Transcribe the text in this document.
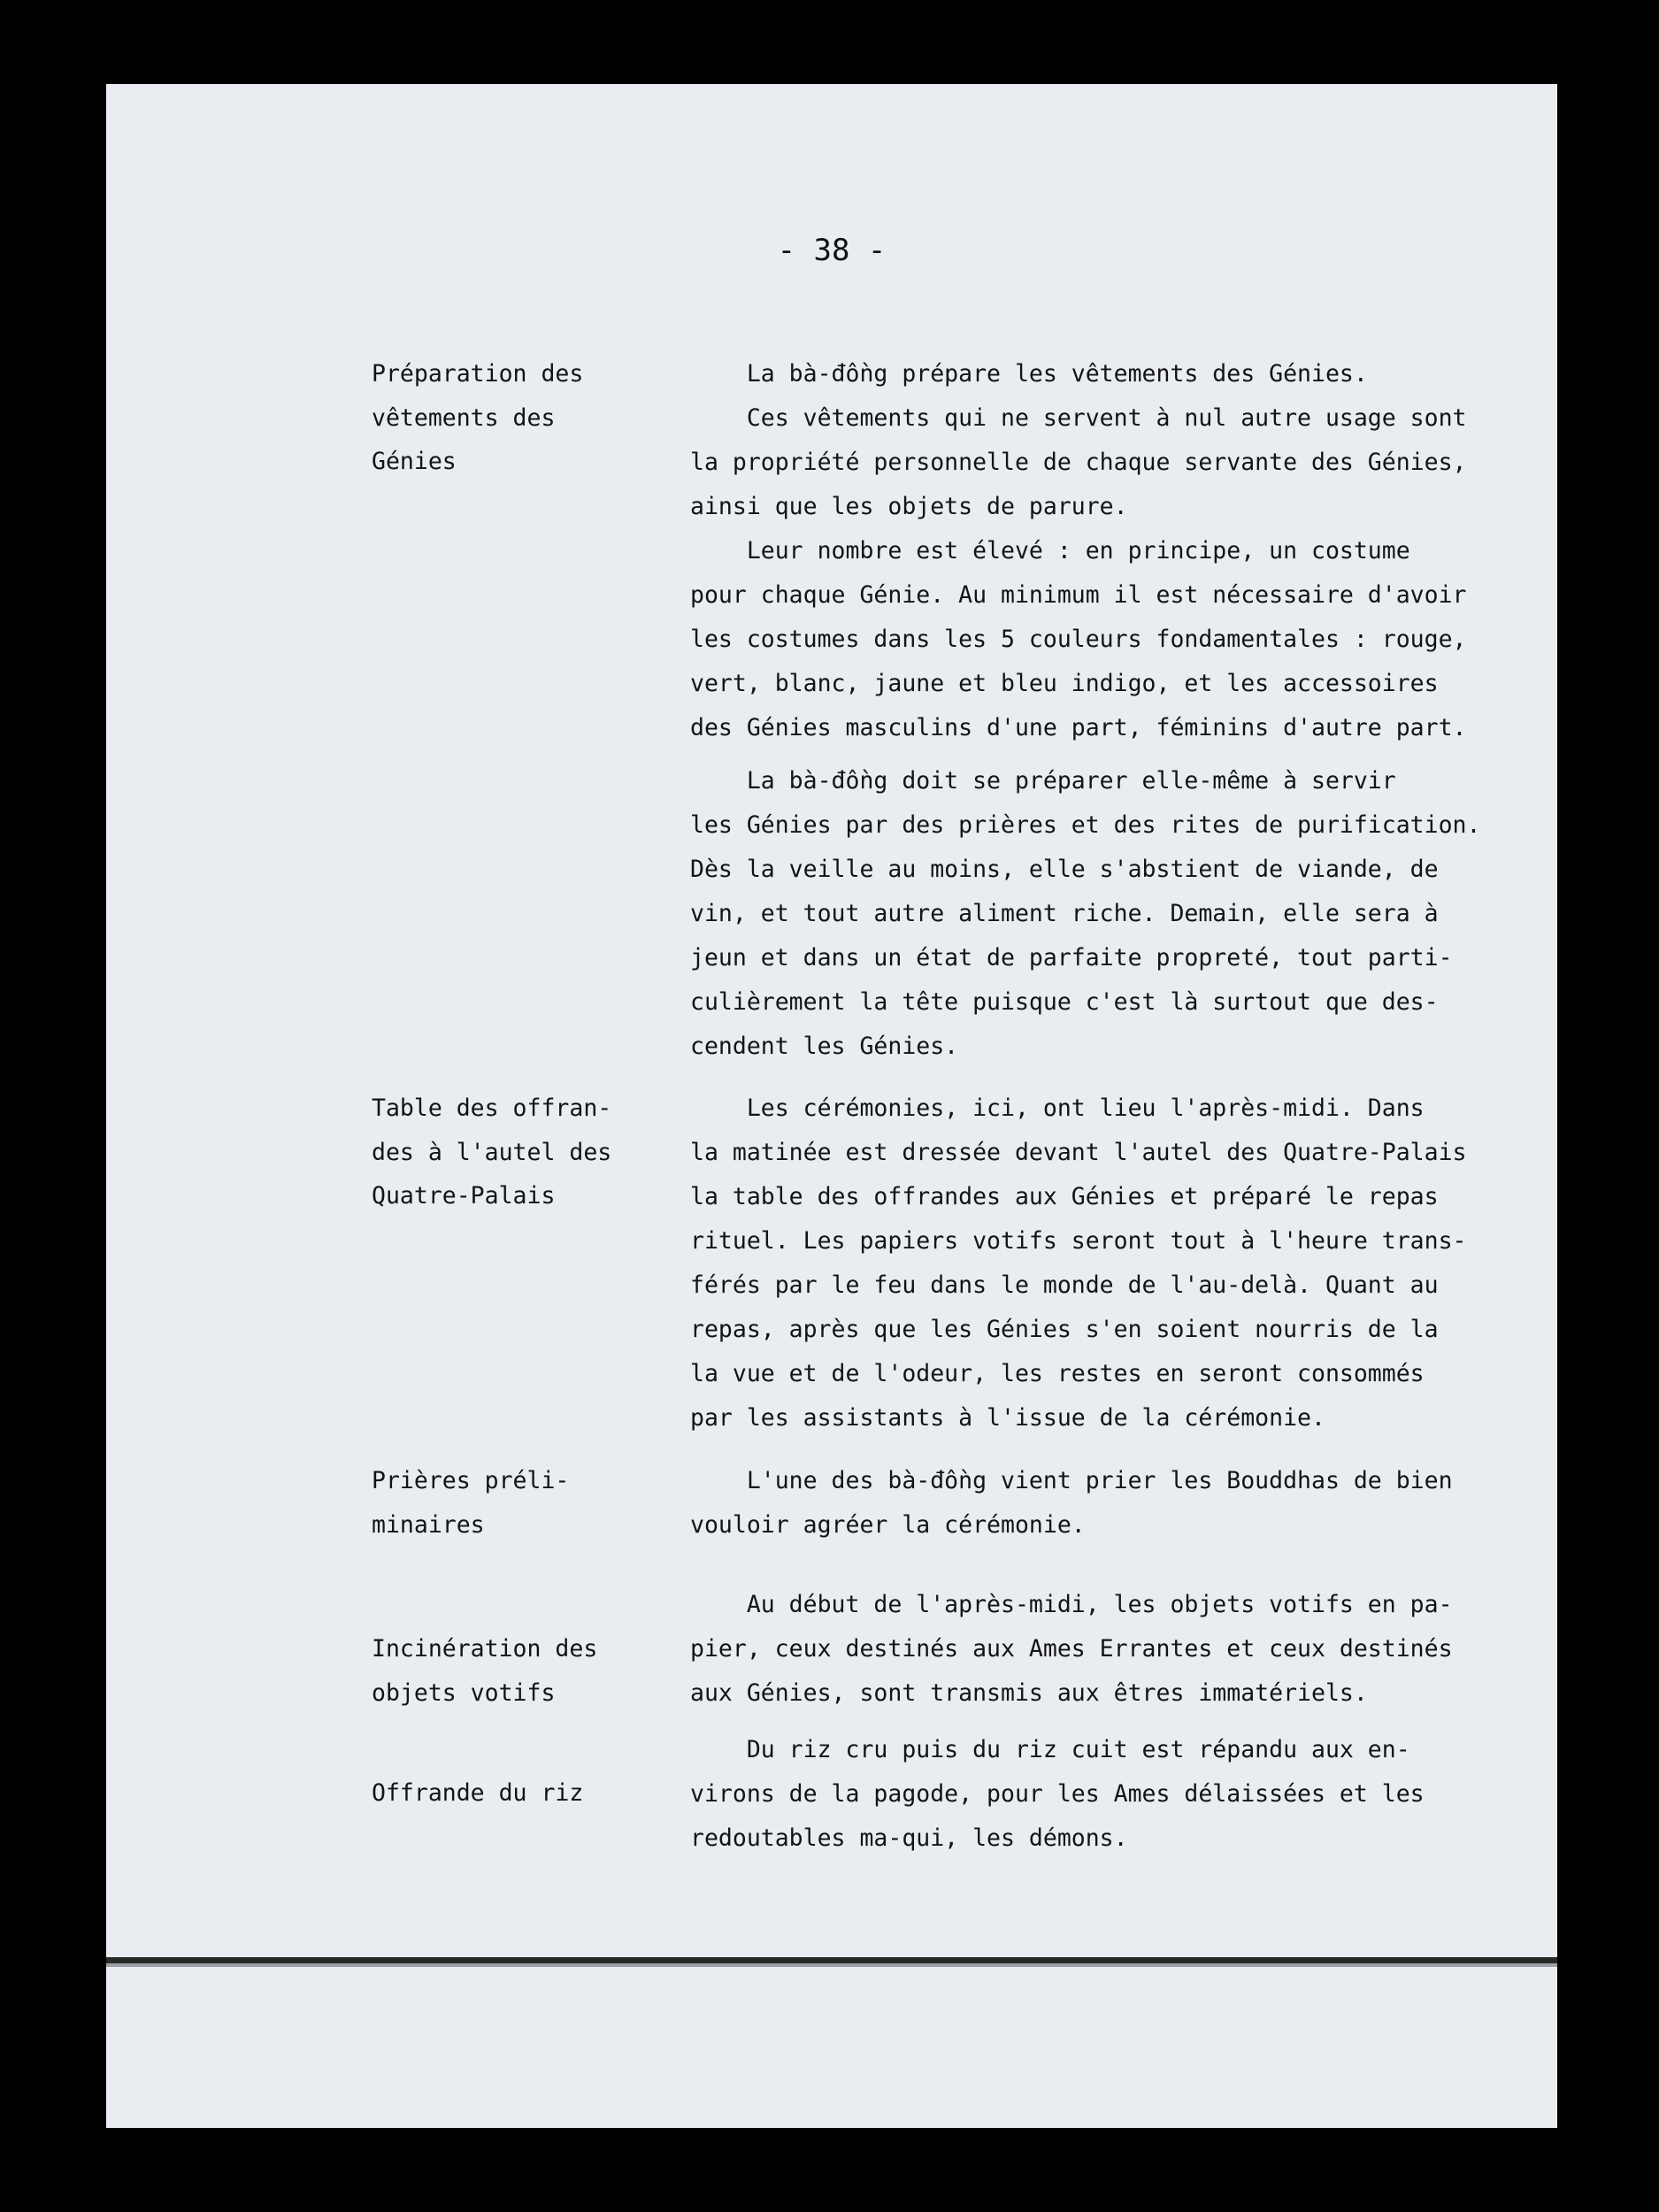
- 38 -
Préparation des
vêtements des
Génies
La bà-đồng prépare les vêtements des Génies.
Ces vêtements qui ne servent à nul autre usage sont
la propriété personnelle de chaque servante des Génies,
ainsi que les objets de parure.
Leur nombre est élevé : en principe, un costume
pour chaque Génie. Au minimum il est nécessaire d'avoir
les costumes dans les 5 couleurs fondamentales : rouge,
vert, blanc, jaune et bleu indigo, et les accessoires
des Génies masculins d'une part, féminins d'autre part.
La bà-đồng doit se préparer elle-même à servir
les Génies par des prières et des rites de purification.
Dès la veille au moins, elle s'abstient de viande, de
vin, et tout autre aliment riche. Demain, elle sera à
jeun et dans un état de parfaite propreté, tout parti-
culièrement la tête puisque c'est là surtout que des-
cendent les Génies.
Table des offran-
des à l'autel des
Quatre-Palais
Les cérémonies, ici, ont lieu l'après-midi. Dans
la matinée est dressée devant l'autel des Quatre-Palais
la table des offrandes aux Génies et préparé le repas
rituel. Les papiers votifs seront tout à l'heure trans-
férés par le feu dans le monde de l'au-delà. Quant au
repas, après que les Génies s'en soient nourris de la
la vue et de l'odeur, les restes en seront consommés
par les assistants à l'issue de la cérémonie.
Prières préli-
minaires
L'une des bà-đồng vient prier les Bouddhas de bien
vouloir agréer la cérémonie.
Incinération des
objets votifs
Au début de l'après-midi, les objets votifs en pa-
pier, ceux destinés aux Ames Errantes et ceux destinés
aux Génies, sont transmis aux êtres immatériels.
Offrande du riz
Du riz cru puis du riz cuit est répandu aux en-
virons de la pagode, pour les Ames délaissées et les
redoutables ma-qui, les démons.
